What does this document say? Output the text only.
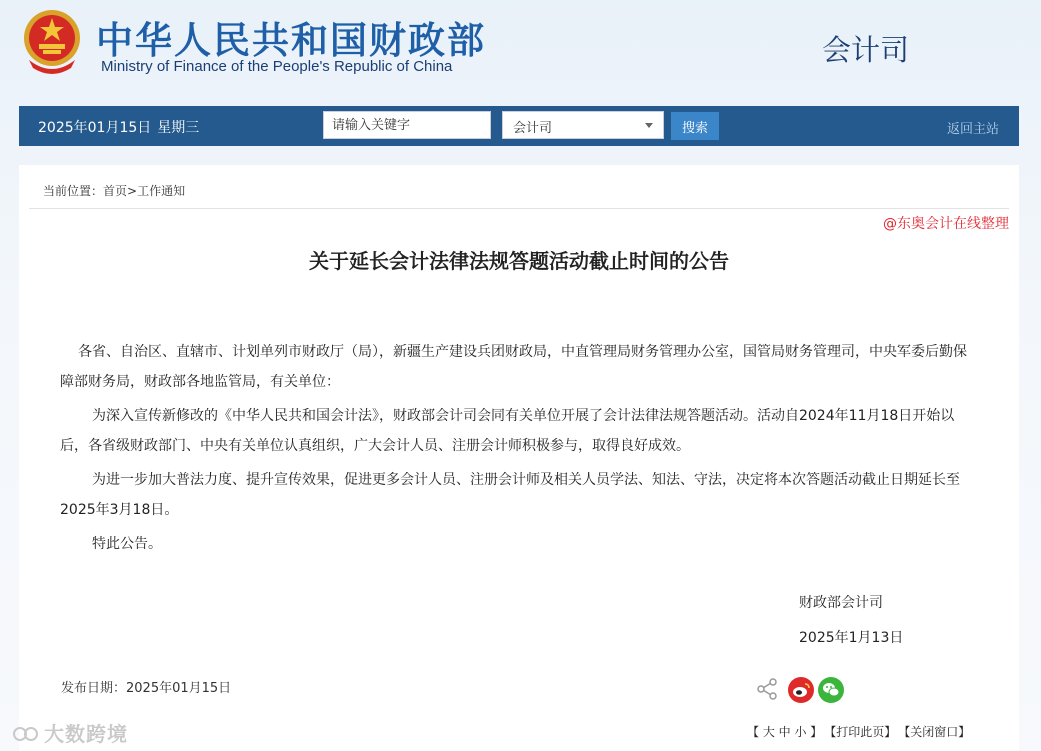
中华人民共和国财政部
Ministry of Finance of the People's Republic of China	会计司
2025年01月15日 星期三
请输入关键字	会计司	搜索	返回主站
当前位置：首页>工作通知
@东奥会计在线整理
关于延长会计法律法规答题活动截止时间的公告

各省、自治区、直辖市、计划单列市财政厅（局），新疆生产建设兵团财政局，中直管理局财务管理办公室，国管局财务管理司，中央军委后勤保障部财务局，财政部各地监管局，有关单位：

为深入宣传新修改的《中华人民共和国会计法》，财政部会计司会同有关单位开展了会计法律法规答题活动。活动自2024年11月18日开始以后，各省级财政部门、中央有关单位认真组织，广大会计人员、注册会计师积极参与，取得良好成效。

为进一步加大普法力度、提升宣传效果，促进更多会计人员、注册会计师及相关人员学法、知法、守法，决定将本次答题活动截止日期延长至2025年3月18日。

特此公告。

财政部会计司
2025年1月13日
发布日期：2025年01月15日
【 大 中 小 】 【打印此页】 【关闭窗口】
大数跨境
